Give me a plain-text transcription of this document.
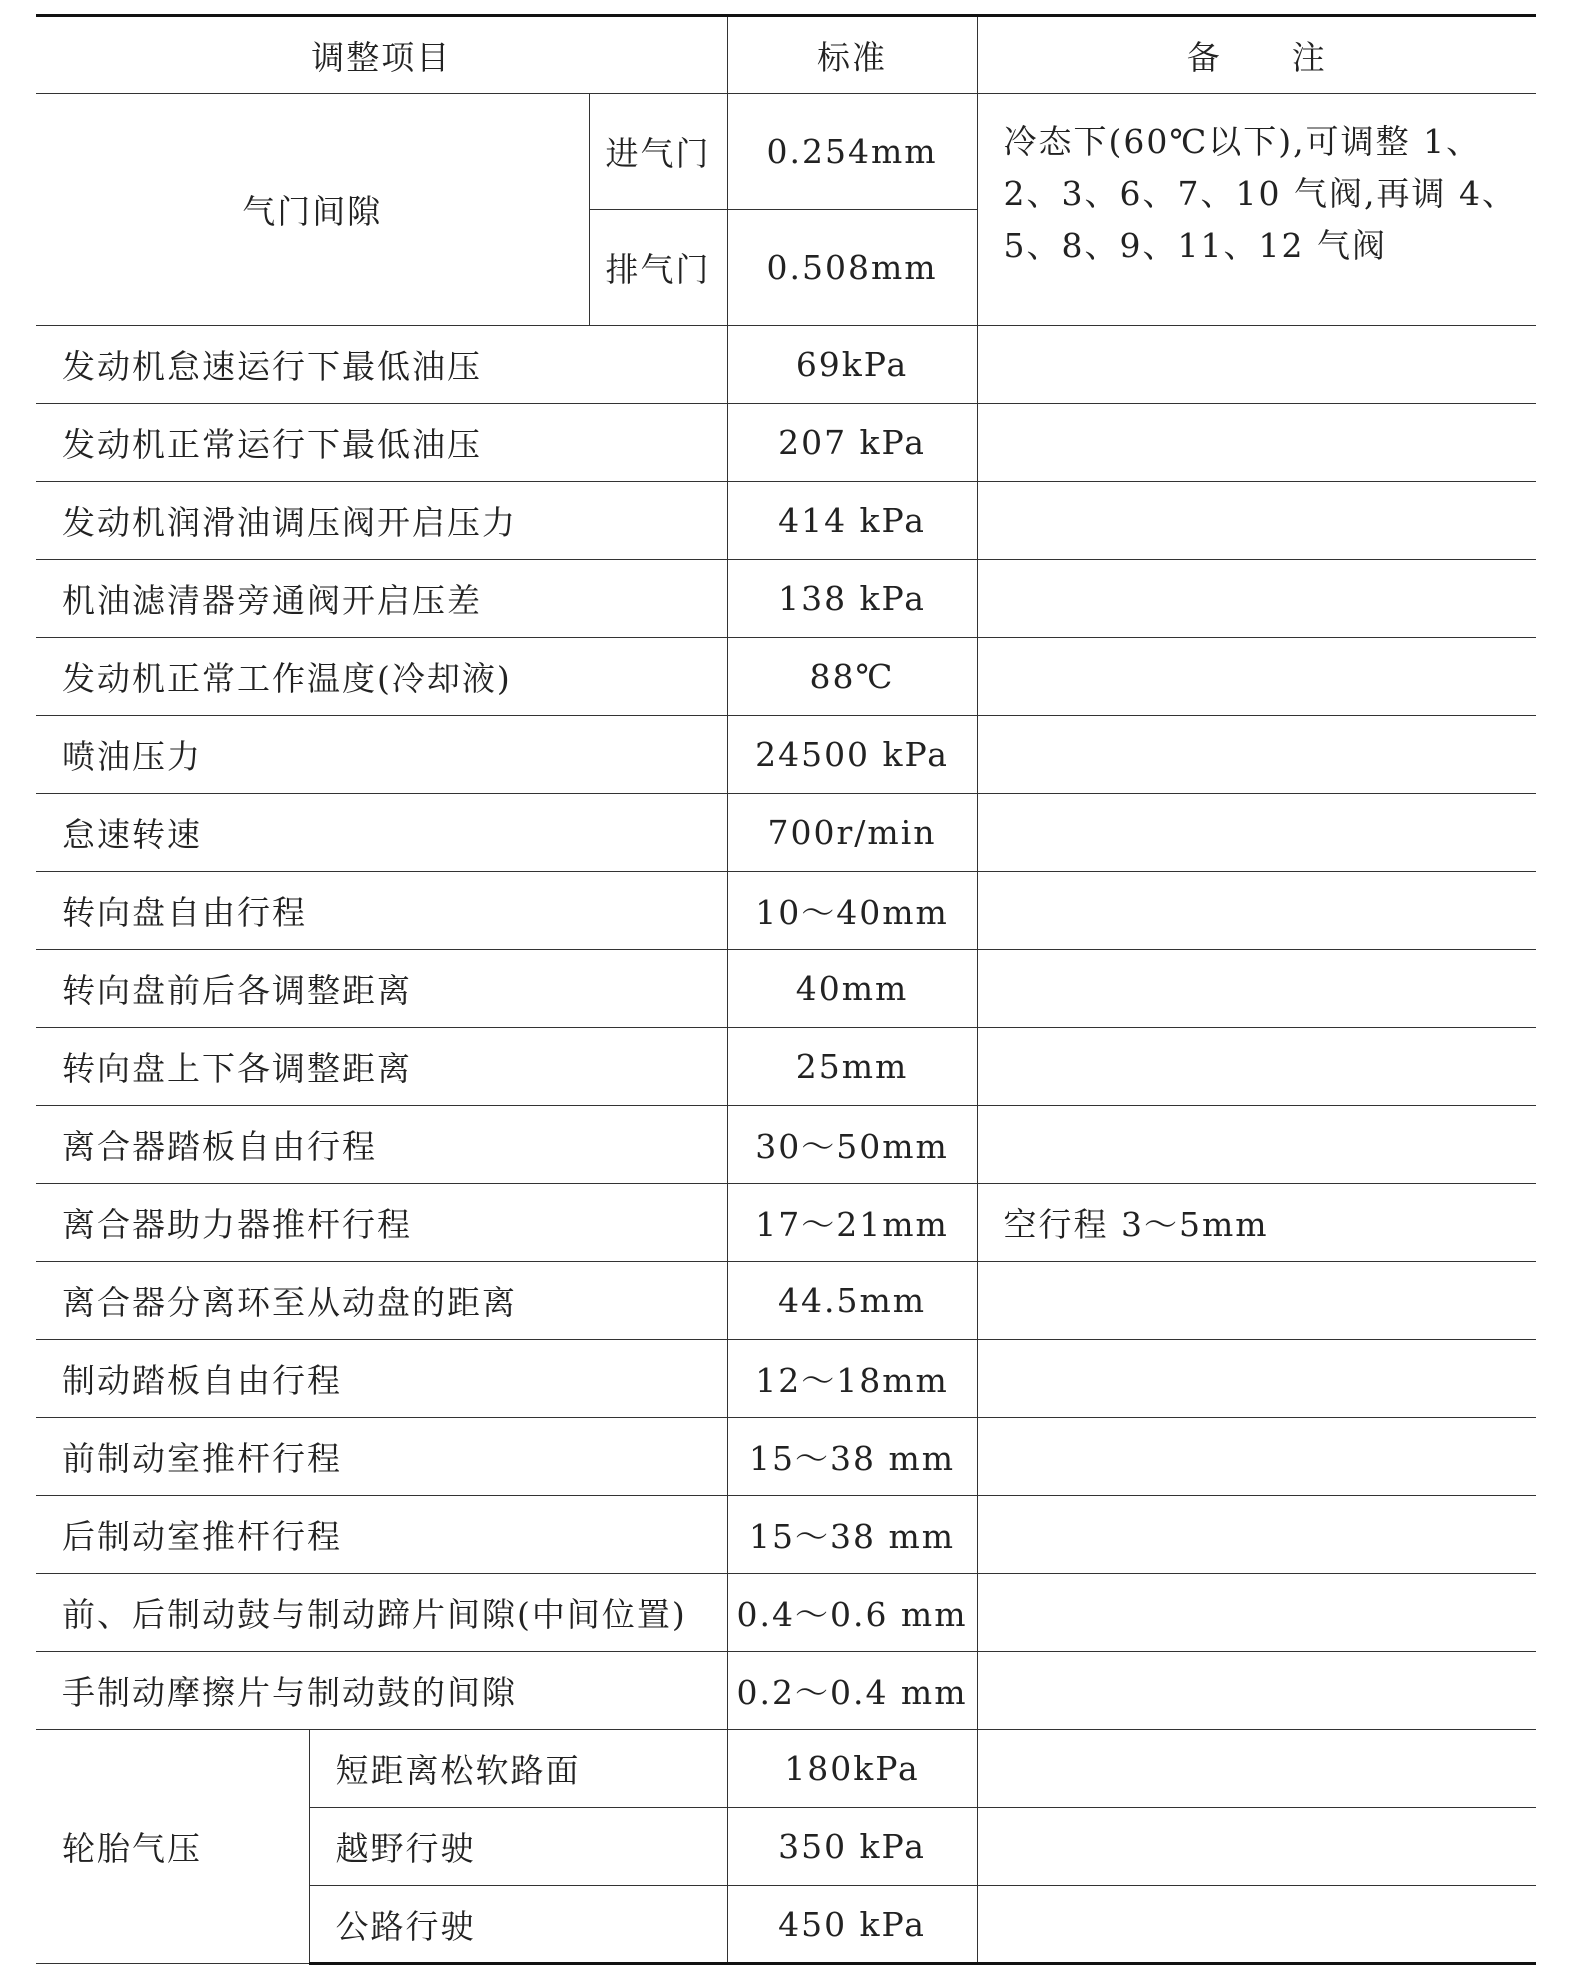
调整项目			标准	备　　注
气门间隙		进气门	0.254mm	冷态下(60℃以下),可调整 1、2、3、6、7、10 气阀,再调 4、5、8、9、11、12 气阀
		排气门	0.508mm	
发动机怠速运行下最低油压			69kPa	
发动机正常运行下最低油压			207 kPa	
发动机润滑油调压阀开启压力			414 kPa	
机油滤清器旁通阀开启压差			138 kPa	
发动机正常工作温度(冷却液)			88℃	
喷油压力			24500 kPa	
怠速转速			700r/min	
转向盘自由行程			10～40mm	
转向盘前后各调整距离			40mm	
转向盘上下各调整距离			25mm	
离合器踏板自由行程			30～50mm	
离合器助力器推杆行程			17～21mm	空行程 3～5mm
离合器分离环至从动盘的距离			44.5mm	
制动踏板自由行程			12～18mm	
前制动室推杆行程			15～38 mm	
后制动室推杆行程			15～38 mm	
前、后制动鼓与制动蹄片间隙(中间位置)			0.4～0.6 mm	
手制动摩擦片与制动鼓的间隙			0.2～0.4 mm	
轮胎气压	短距离松软路面		180kPa	
	越野行驶		350 kPa	
	公路行驶		450 kPa	
